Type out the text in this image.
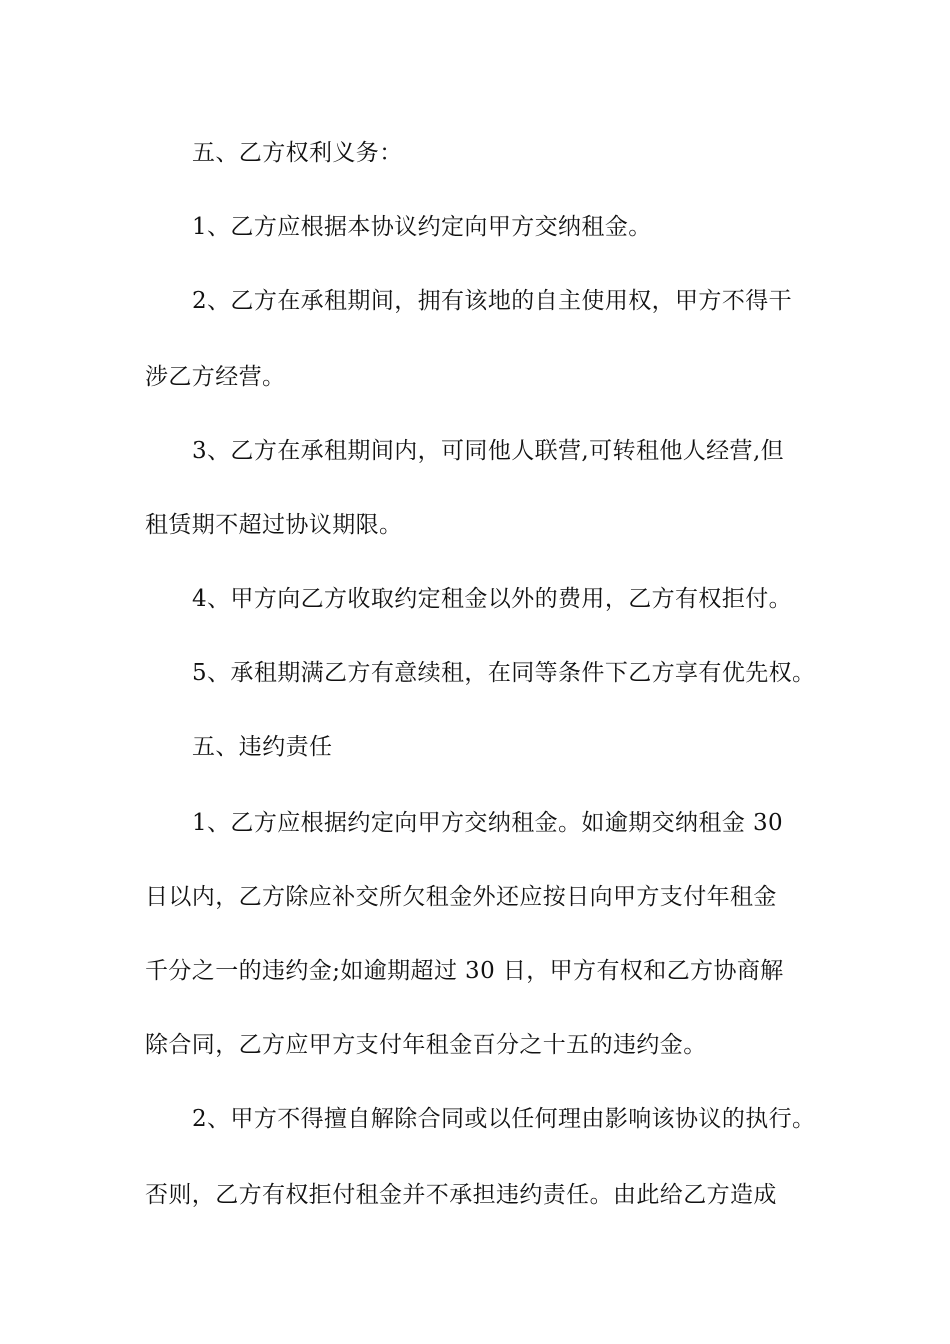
五、乙方权利义务：
1、乙方应根据本协议约定向甲方交纳租金。
2、乙方在承租期间，拥有该地的自主使用权，甲方不得干
涉乙方经营。
3、乙方在承租期间内，可同他人联营,可转租他人经营,但
租赁期不超过协议期限。
4、甲方向乙方收取约定租金以外的费用，乙方有权拒付。
5、承租期满乙方有意续租，在同等条件下乙方享有优先权。
五、违约责任
1、乙方应根据约定向甲方交纳租金。如逾期交纳租金 30
日以内，乙方除应补交所欠租金外还应按日向甲方支付年租金
千分之一的违约金;如逾期超过 30 日，甲方有权和乙方协商解
除合同，乙方应甲方支付年租金百分之十五的违约金。
2、甲方不得擅自解除合同或以任何理由影响该协议的执行。
否则，乙方有权拒付租金并不承担违约责任。由此给乙方造成
